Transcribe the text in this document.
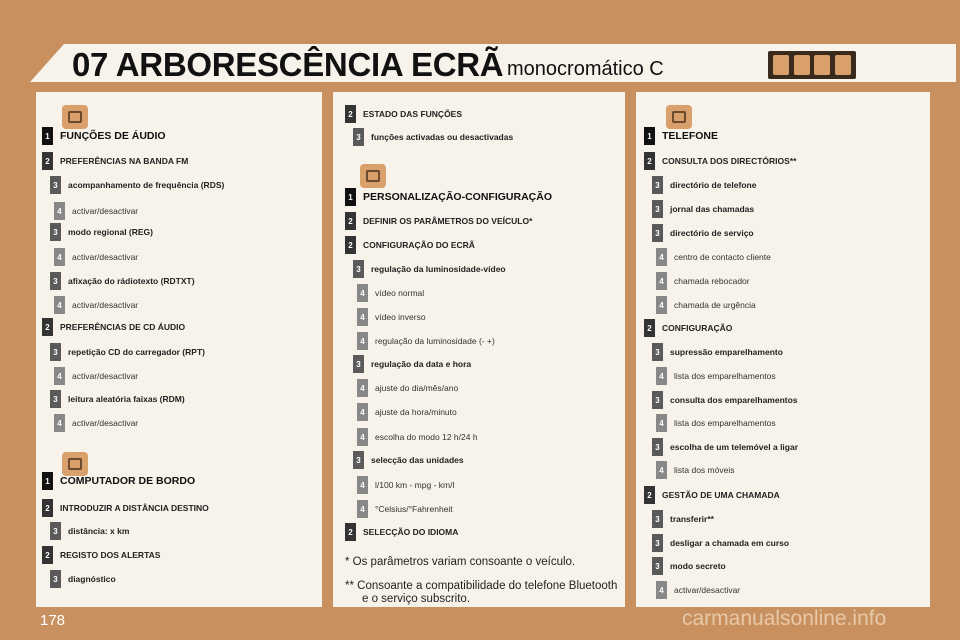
07 ARBORESCÊNCIA ECRÃ monocromático C
1 FUNÇÕES DE ÁUDIO
2	PREFERÊNCIAS NA BANDA FM
3	acompanhamento de frequência (RDS)
4	activar/desactivar
3	modo regional (REG)
4	activar/desactivar
3	afixação do rádiotexto (RDTXT)
4	activar/desactivar
2	PREFERÊNCIAS DE CD ÁUDIO
3	repetição CD do carregador (RPT)
4	activar/desactivar
3	leitura aleatória faixas (RDM)
4	activar/desactivar
1 COMPUTADOR DE BORDO
2	INTRODUZIR A DISTÂNCIA DESTINO
3	distância: x km
2	REGISTO DOS ALERTAS
3	diagnóstico
2	ESTADO DAS FUNÇÕES
3	funções activadas ou desactivadas
1 PERSONALIZAÇÃO-CONFIGURAÇÃO
2	DEFINIR OS PARÂMETROS DO VEÍCULO*
2	CONFIGURAÇÃO DO ECRÃ
3	regulação da luminosidade-vídeo
4	vídeo normal
4	vídeo inverso
4	regulação da luminosidade (- +)
3	regulação da data e hora
4	ajuste do dia/mês/ano
4	ajuste da hora/minuto
4	escolha do modo 12 h/24 h
3	selecção das unidades
4	l/100 km - mpg - km/l
4	°Celsius/°Fahrenheit
2	SELECÇÃO DO IDIOMA
1 TELEFONE
2	CONSULTA DOS DIRECTÓRIOS**
3	directório de telefone
3	jornal das chamadas
3	directório de serviço
4	centro de contacto cliente
4	chamada rebocador
4	chamada de urgência
2	CONFIGURAÇÃO
3	supressão emparelhamento
4	lista dos emparelhamentos
3	consulta dos emparelhamentos
4	lista dos emparelhamentos
3	escolha de um telemóvel a ligar
4	lista dos móveis
2	GESTÃO DE UMA CHAMADA
3	transferir**
3	desligar a chamada em curso
3	modo secreto
4	activar/desactivar
* Os parâmetros variam consoante o veículo.
** Consoante a compatibilidade do telefone Bluetooth
e o serviço subscrito.
178	carmanualsonline.info
